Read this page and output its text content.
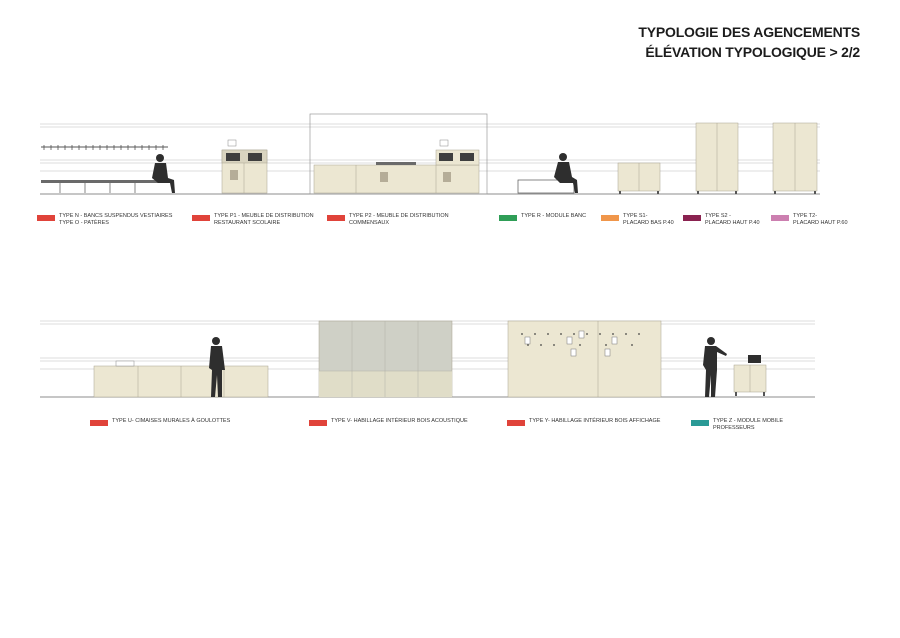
TYPOLOGIE DES AGENCEMENTS
ÉLÉVATION TYPOLOGIQUE > 2/2
TYPE N - BANCS SUSPENDUS VESTIAIRES
TYPE O - PATÈRES
TYPE P1 - MEUBLE DE DISTRIBUTION
RESTAURANT SCOLAIRE
TYPE P2 - MEUBLE DE DISTRIBUTION
COMMENSAUX
TYPE R - MODULE BANC	TYPE S1-
PLACARD BAS P.40
TYPE S2 -
PLACARD HAUT P.40
TYPE T2-
PLACARD HAUT P.60
TYPE U- CIMAISES MURALES À GOULOTTES	TYPE V- HABILLAGE INTÉRIEUR BOIS ACOUSTIQUE	TYPE Y- HABILLAGE INTÉRIEUR BOIS AFFICHAGE	TYPE Z - MODULE MOBILE
PROFESSEURS
